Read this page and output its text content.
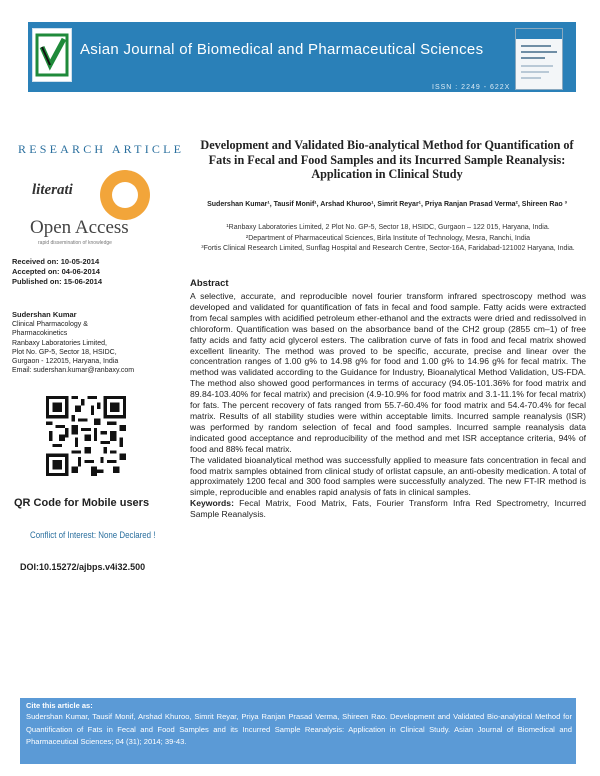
Asian Journal of Biomedical and Pharmaceutical Sciences
ISSN : 2249 - 622X
RESEARCH ARTICLE
literati
Open Access
rapid dissemination of knowledge
Received on: 10-05-2014
Accepted on: 04-06-2014
Published on: 15-06-2014
Sudershan Kumar
Clinical Pharmacology &
Pharmacokinetics
Ranbaxy Laboratories Limited,
Plot No. GP-5, Sector 18, HSIDC,
Gurgaon - 122015, Haryana, India
Email: sudershan.kumar@ranbaxy.com
QR Code for Mobile users
Conflict of Interest: None Declared !
DOI:10.15272/ajbps.v4i32.500
Development and Validated Bio-analytical Method for Quantification of Fats in Fecal and Food Samples and its Incurred Sample Reanalysis: Application in Clinical Study
Sudershan Kumar¹, Tausif Monif¹, Arshad Khuroo¹, Simrit Reyar¹, Priya Ranjan Prasad Verma², Shireen Rao ³

¹Ranbaxy Laboratories Limited, 2 Plot No. GP-5, Sector 18, HSIDC, Gurgaon – 122 015, Haryana, India.

²Department of Pharmaceutical Sciences, Birla Institute of Technology, Mesra, Ranchi, India

³Fortis Clinical Research Limited, Sunflag Hospital and Research Centre, Sector-16A, Faridabad-121002 Haryana, India.

Abstract

A selective, accurate, and reproducible novel fourier transform infrared spectroscopy method was developed and validated for quantification of fats in fecal and food sample. Fatty acids were extracted from fecal samples with acidified petroleum ether-ethanol and the extracts were dried and redissolved in chloroform. Quantification was based on the absorbance band of the CH2 group (2855 cm–1) of free fatty acids and fatty acid glycerol esters. The calibration curve of fats in food and fecal matrix showed excellent linearity. The method was proved to be specific, accurate, precise and linear over the concentration ranges of 1.00 g% to 14.98 g% for food and 1.00 g% to 14.96 g% for fecal matrix. The method was validated according to the Guidance for Industry, Bioanalytical Method Validation, US-FDA. The method also showed good performances in terms of accuracy (94.05-101.36% for food matrix and 89.84-103.40% for fecal matrix) and precision (4.9-10.9% for food matrix and 3.1-11.1% for fecal matrix) for fats. The percent recovery of fats ranged from 55.7-60.4% for food matrix and 54.4-70.4% for fecal matrix. Results of all stability studies were within acceptable limits. Incurred sample reanalysis (ISR) was performed by random selection of fecal and food samples. Incurred sample reanalysis data indicated good acceptance and reproducibility of the method and met ISR acceptance criteria, 94% of food and 88% fecal matrix.

The validated bioanalytical method was successfully applied to measure fats concentration in fecal and food matrix samples obtained from clinical study of orlistat capsule, an anti-obesity medication. A total of approximately 1200 fecal and 300 food samples were successfully analyzed. The new FT-IR method is simple, reproducible and enables rapid analysis of fats in clinical samples.

Keywords: Fecal Matrix, Food Matrix, Fats, Fourier Transform Infra Red Spectrometry, Incurred Sample Reanalysis.

Cite this article as:
Sudershan Kumar, Tausif Monif, Arshad Khuroo, Simrit Reyar, Priya Ranjan Prasad Verma, Shireen Rao. Development and Validated Bio-analytical Method for Quantification of Fats in Fecal and Food Samples and its Incurred Sample Reanalysis: Application in Clinical Study. Asian Journal of Biomedical and Pharmaceutical Sciences; 04 (31); 2014; 39-43.
